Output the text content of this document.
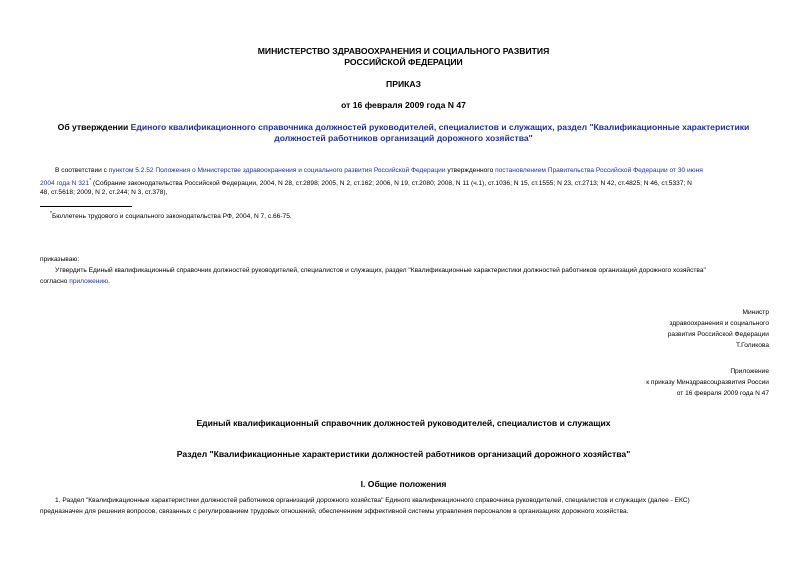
МИНИСТЕРСТВО ЗДРАВООХРАНЕНИЯ И СОЦИАЛЬНОГО РАЗВИТИЯ
РОССИЙСКОЙ ФЕДЕРАЦИИ
ПРИКАЗ
от 16 февраля 2009 года N 47
Об утверждении Единого квалификационного справочника должностей руководителей, специалистов и служащих, раздел "Квалификационные характеристики
должностей работников организаций дорожного хозяйства"
В соответствии с пунктом 5.2.52 Положения о Министерстве здравоохранения и социального развития Российской Федерации утвержденного постановлением Правительства Российской Федерации от 30 июня
2004 года N 321* (Собрание законодательства Российской Федерации, 2004, N 28, ст.2898; 2005, N 2, ст.162; 2006, N 19, ст.2080; 2008, N 11 (ч.1), ст.1036; N 15, ст.1555; N 23, ст.2713; N 42, ст.4825; N 46, ст.5337; N
48, ст.5618; 2009, N 2, ст.244; N 3, ст.378),
*Бюллетень трудового и социального законодательства РФ, 2004, N 7, с.66-75.
приказываю:
Утвердить Единый квалификационный справочник должностей руководителей, специалистов и служащих, раздел "Квалификационные характеристики должностей работников организаций дорожного хозяйства"
согласно приложению.
Министр
здравоохранения и социального
развития Российской Федерации
Т.Голикова
Приложение
к приказу Минздравсоцразвития России
от 16 февраля 2009 года N 47
Единый квалификационный справочник должностей руководителей, специалистов и служащих
Раздел "Квалификационные характеристики должностей работников организаций дорожного хозяйства"
I. Общие положения
1. Раздел "Квалификационные характеристики должностей работников организаций дорожного хозяйства" Единого квалификационного справочника руководителей, специалистов и служащих (далее - ЕКС)
предназначен для решения вопросов, связанных с регулированием трудовых отношений, обеспечением эффективной системы управления персоналом в организациях дорожного хозяйства.
